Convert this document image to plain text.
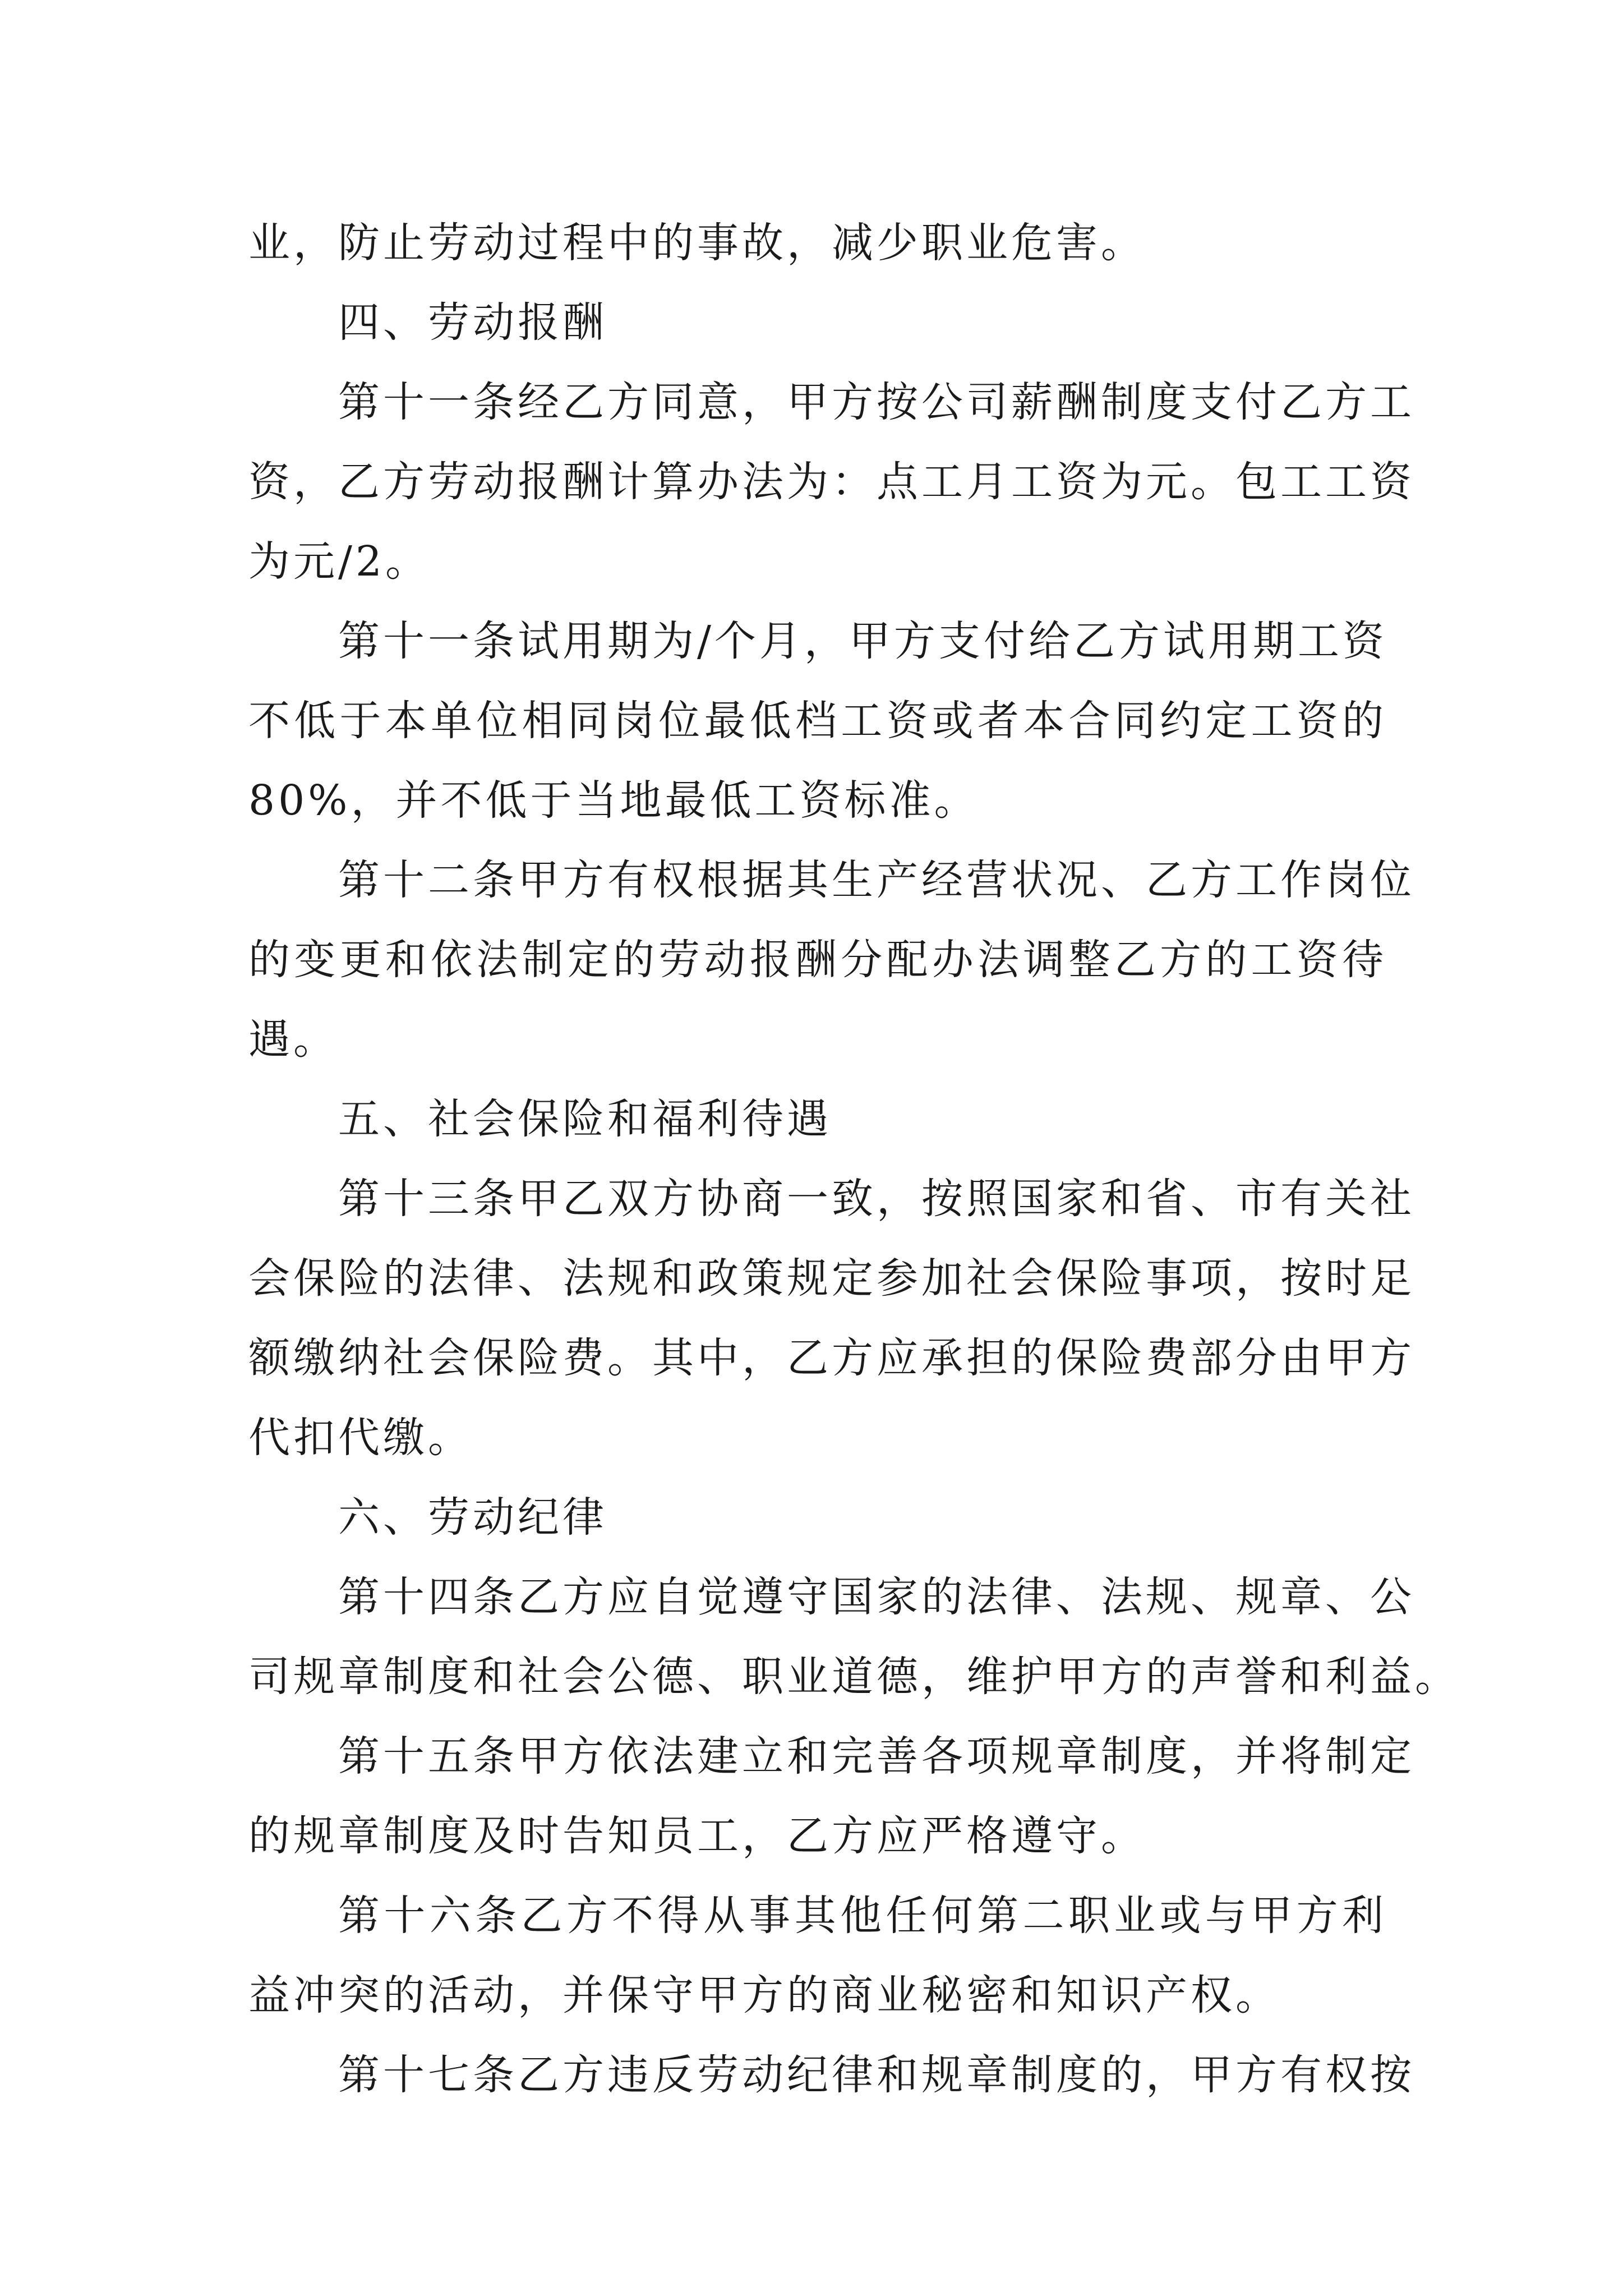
业，防止劳动过程中的事故，减少职业危害。
四、劳动报酬
第十一条经乙方同意，甲方按公司薪酬制度支付乙方工
资，乙方劳动报酬计算办法为：点工月工资为元。包工工资
为元/2。
第十一条试用期为/个月，甲方支付给乙方试用期工资
不低于本单位相同岗位最低档工资或者本合同约定工资的
80%，并不低于当地最低工资标准。
第十二条甲方有权根据其生产经营状况、乙方工作岗位
的变更和依法制定的劳动报酬分配办法调整乙方的工资待
遇。
五、社会保险和福利待遇
第十三条甲乙双方协商一致，按照国家和省、市有关社
会保险的法律、法规和政策规定参加社会保险事项，按时足
额缴纳社会保险费。其中，乙方应承担的保险费部分由甲方
代扣代缴。
六、劳动纪律
第十四条乙方应自觉遵守国家的法律、法规、规章、公
司规章制度和社会公德、职业道德，维护甲方的声誉和利益。
第十五条甲方依法建立和完善各项规章制度，并将制定
的规章制度及时告知员工，乙方应严格遵守。
第十六条乙方不得从事其他任何第二职业或与甲方利
益冲突的活动，并保守甲方的商业秘密和知识产权。
第十七条乙方违反劳动纪律和规章制度的，甲方有权按
